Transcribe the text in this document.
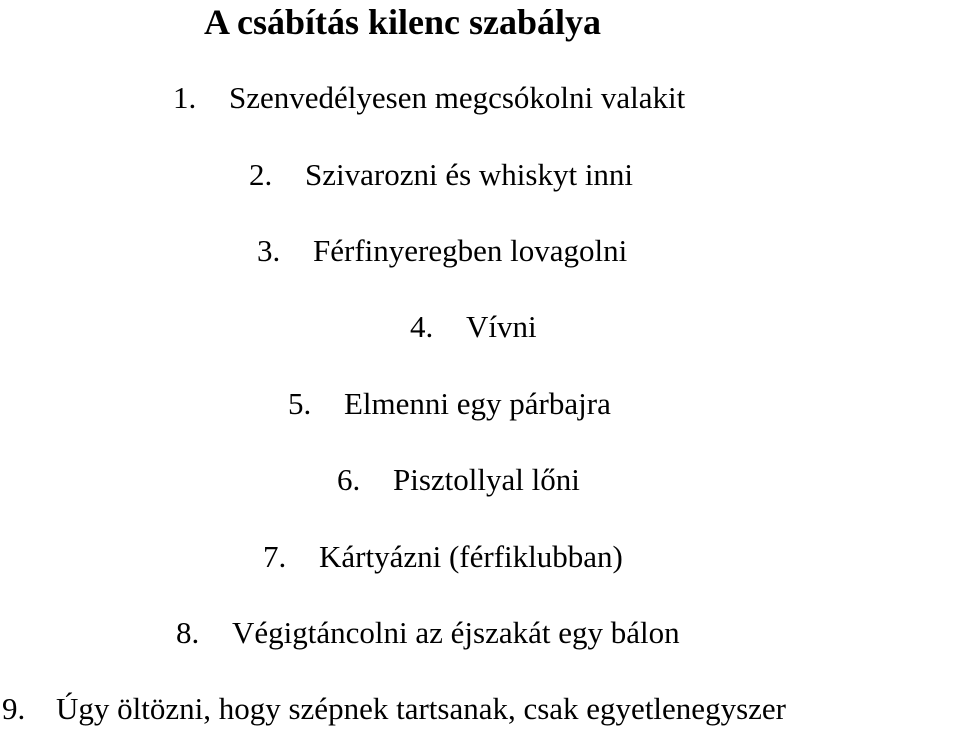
A csábítás kilenc szabálya
1. Szenvedélyesen megcsókolni valakit
2. Szivarozni és whiskyt inni
3. Férfinyeregben lovagolni
4. Vívni
5. Elmenni egy párbajra
6. Pisztollyal lőni
7. Kártyázni (férfiklubban)
8. Végigtáncolni az éjszakát egy bálon
9. Úgy öltözni, hogy szépnek tartsanak, csak egyetlenegyszer
